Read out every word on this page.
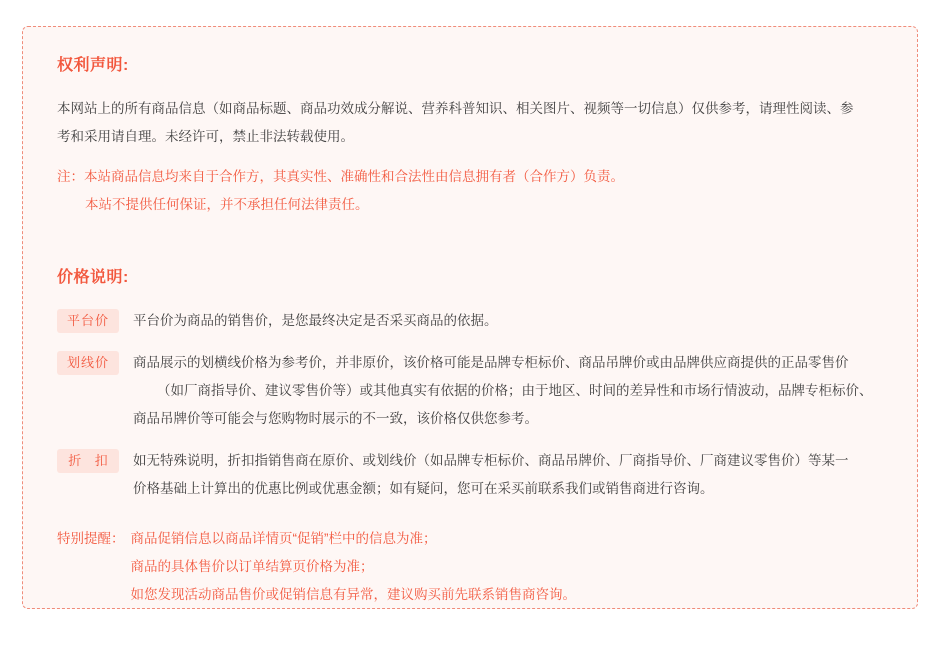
权利声明:

本网站上的所有商品信息（如商品标题、商品功效成分解说、营养科普知识、相关图片、视频等一切信息）仅供参考，请理性阅读、参
考和采用请自理。未经许可，禁止非法转载使用。

注：本站商品信息均来自于合作方，其真实性、准确性和合法性由信息拥有者（合作方）负责。

本站不提供任何保证，并不承担任何法律责任。

价格说明:
平台价	平台价为商品的销售价，是您最终决定是否采买商品的依据。
划线价	商品展示的划横线价格为参考价，并非原价，该价格可能是品牌专柜标价、商品吊牌价或由品牌供应商提供的正品零售价
（如厂商指导价、建议零售价等）或其他真实有依据的价格；由于地区、时间的差异性和市场行情波动，品牌专柜标价、
商品吊牌价等可能会与您购物时展示的不一致，该价格仅供您参考。
折 扣	如无特殊说明，折扣指销售商在原价、或划线价（如品牌专柜标价、商品吊牌价、厂商指导价、厂商建议零售价）等某一
价格基础上计算出的优惠比例或优惠金额；如有疑问，您可在采买前联系我们或销售商进行咨询。
特别提醒： 商品促销信息以商品详情页“促销”栏中的信息为准；

商品的具体售价以订单结算页价格为准；

如您发现活动商品售价或促销信息有异常，建议购买前先联系销售商咨询。
